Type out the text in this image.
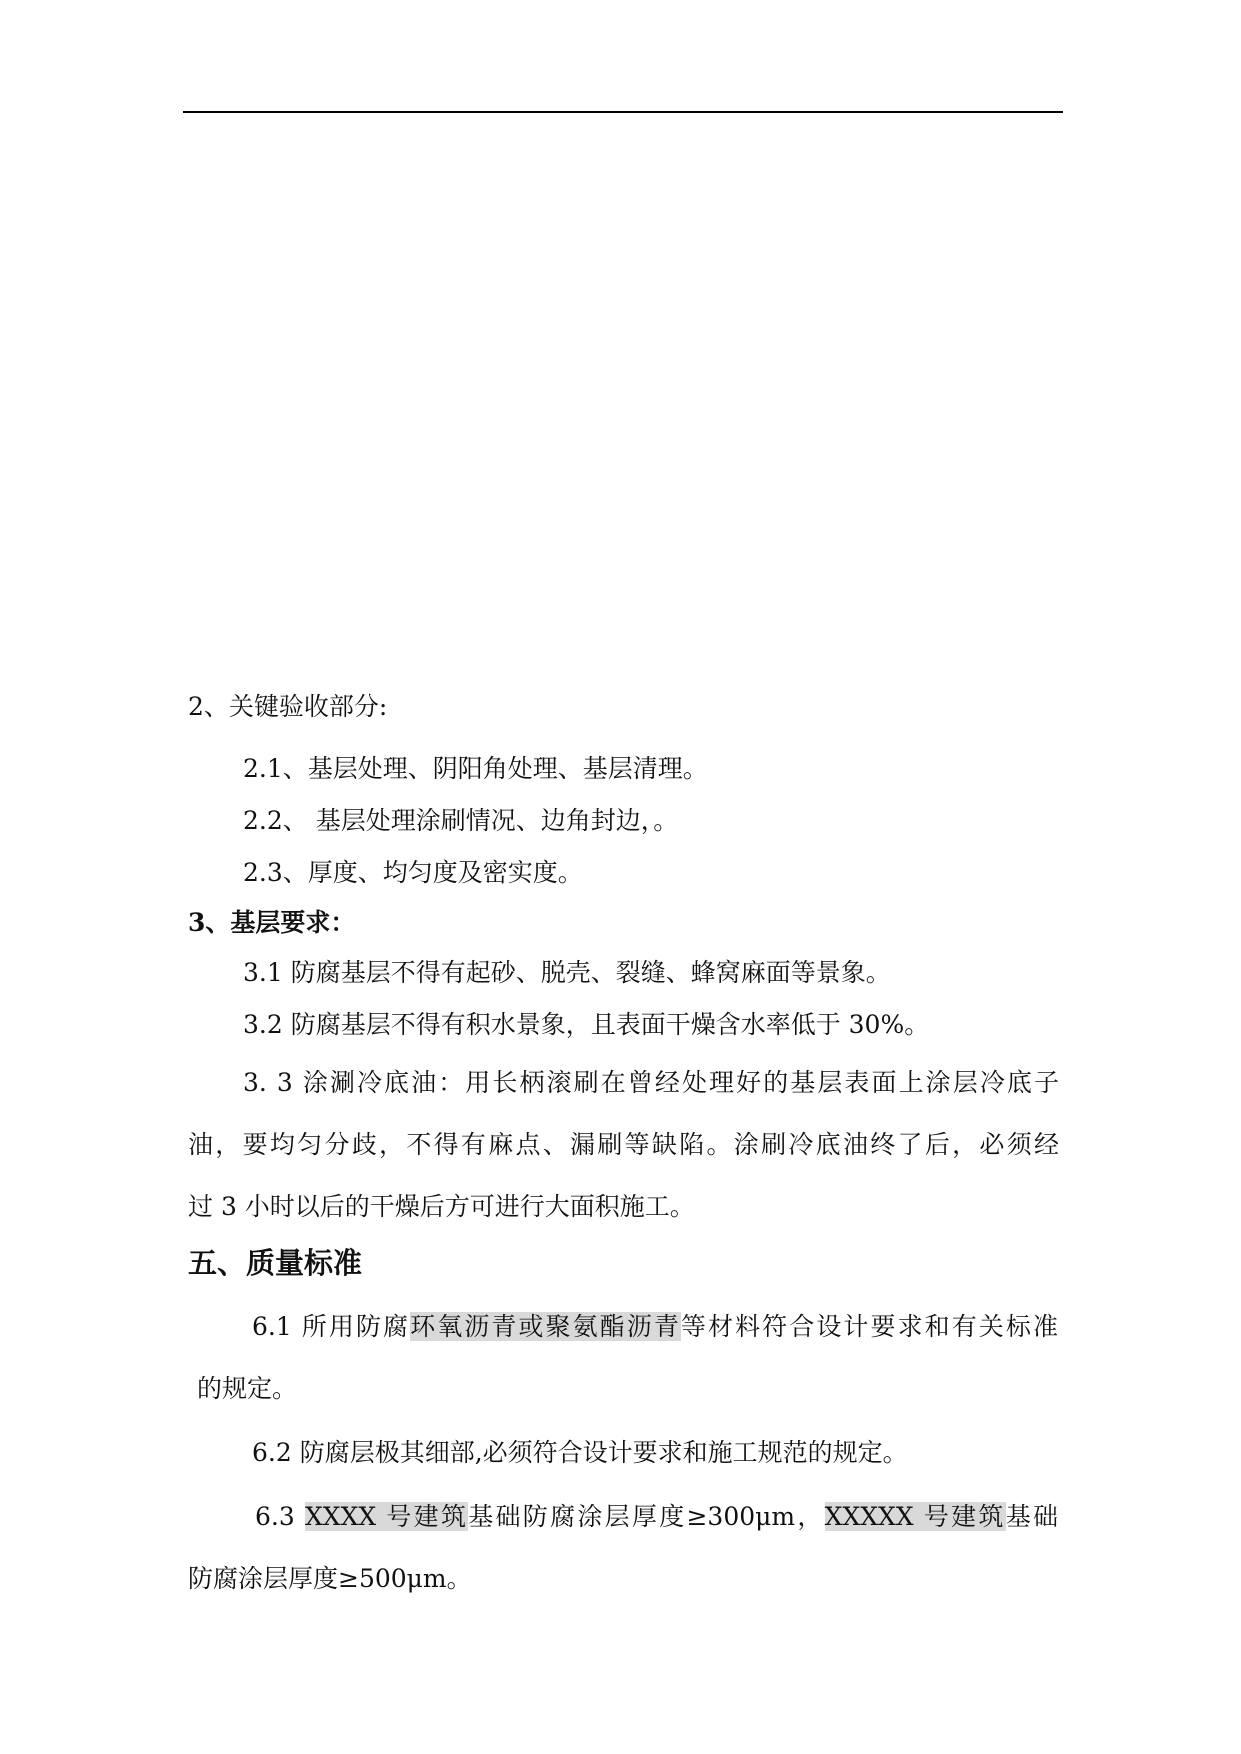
2、关键验收部分:

2.1、基层处理、阴阳角处理、基层清理。

2.2、 基层处理涂刷情况、边角封边，。

2.3、厚度、均匀度及密实度。

3、基层要求：

3.1 防腐基层不得有起砂、脱壳、裂缝、蜂窝麻面等景象。

3.2 防腐基层不得有积水景象，且表面干燥含水率低于 30%。

3. 3 涂涮冷底油：用长柄滚刷在曾经处理好的基层表面上涂层冷底子

油，要均匀分歧，不得有麻点、漏刷等缺陷。涂刷冷底油终了后，必须经

过 3 小时以后的干燥后方可进行大面积施工。

五、质量标准

6.1 所用防腐环氧沥青或聚氨酯沥青等材料符合设计要求和有关标准

的规定。

6.2 防腐层极其细部,必须符合设计要求和施工规范的规定。

6.3 XXXX 号建筑基础防腐涂层厚度≥300μm，XXXXX 号建筑基础

防腐涂层厚度≥500μm。
